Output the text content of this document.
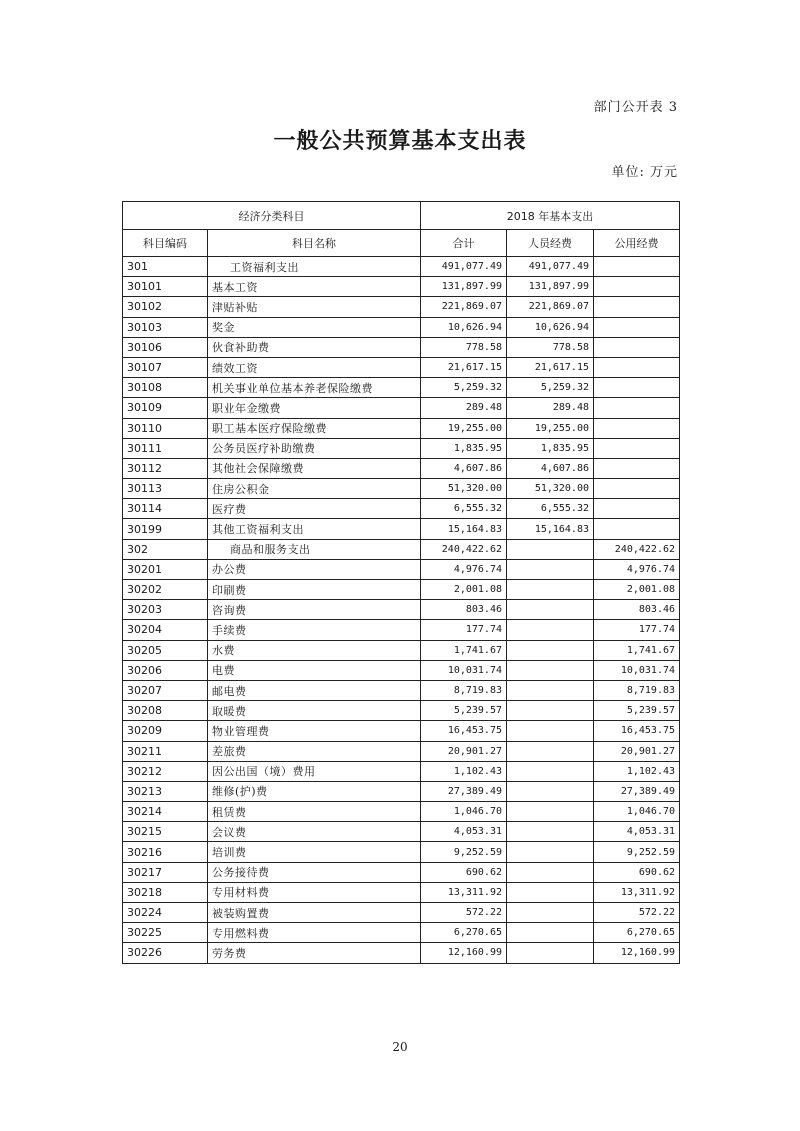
部门公开表 3
一般公共预算基本支出表
单位: 万元
经济分类科目		2018 年基本支出		
科目编码	科目名称	合计	人员经费	公用经费
301	工资福利支出	491,077.49	491,077.49	
30101	基本工资	131,897.99	131,897.99	
30102	津贴补贴	221,869.07	221,869.07	
30103	奖金	10,626.94	10,626.94	
30106	伙食补助费	778.58	778.58	
30107	绩效工资	21,617.15	21,617.15	
30108	机关事业单位基本养老保险缴费	5,259.32	5,259.32	
30109	职业年金缴费	289.48	289.48	
30110	职工基本医疗保险缴费	19,255.00	19,255.00	
30111	公务员医疗补助缴费	1,835.95	1,835.95	
30112	其他社会保障缴费	4,607.86	4,607.86	
30113	住房公积金	51,320.00	51,320.00	
30114	医疗费	6,555.32	6,555.32	
30199	其他工资福利支出	15,164.83	15,164.83	
302	商品和服务支出	240,422.62		240,422.62
30201	办公费	4,976.74		4,976.74
30202	印刷费	2,001.08		2,001.08
30203	咨询费	803.46		803.46
30204	手续费	177.74		177.74
30205	水费	1,741.67		1,741.67
30206	电费	10,031.74		10,031.74
30207	邮电费	8,719.83		8,719.83
30208	取暖费	5,239.57		5,239.57
30209	物业管理费	16,453.75		16,453.75
30211	差旅费	20,901.27		20,901.27
30212	因公出国（境）费用	1,102.43		1,102.43
30213	维修(护)费	27,389.49		27,389.49
30214	租赁费	1,046.70		1,046.70
30215	会议费	4,053.31		4,053.31
30216	培训费	9,252.59		9,252.59
30217	公务接待费	690.62		690.62
30218	专用材料费	13,311.92		13,311.92
30224	被装购置费	572.22		572.22
30225	专用燃料费	6,270.65		6,270.65
30226	劳务费	12,160.99		12,160.99
20
